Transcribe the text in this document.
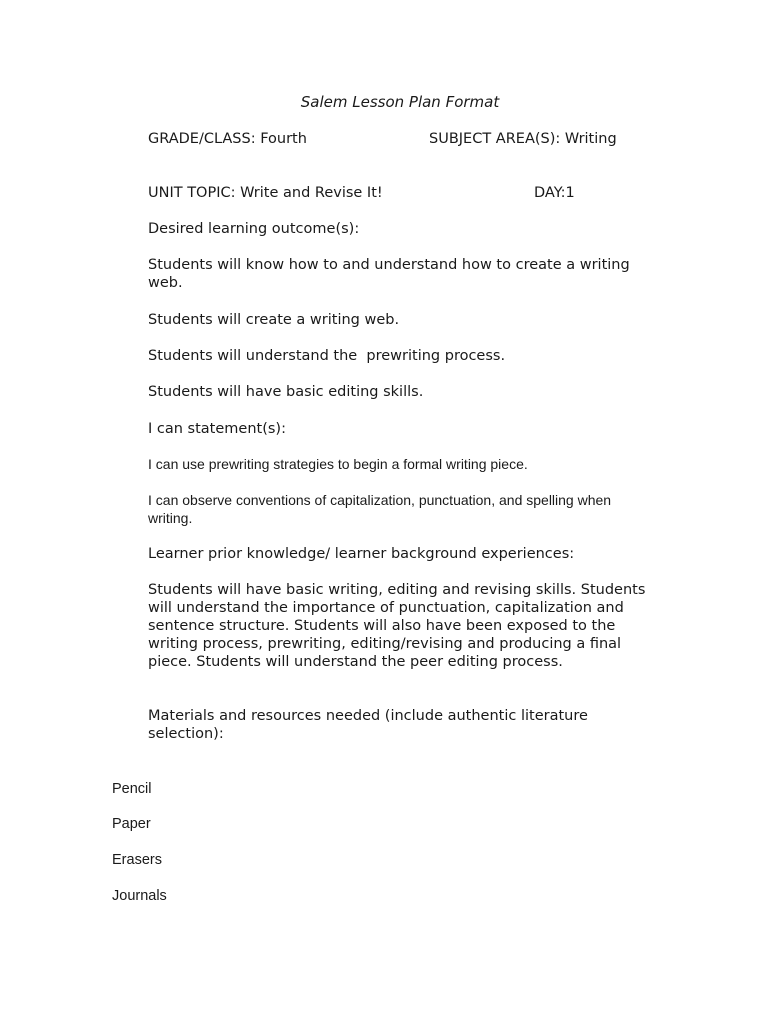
Salem Lesson Plan Format
GRADE/CLASS: Fourth	SUBJECT AREA(S): Writing
UNIT TOPIC: Write and Revise It!	DAY:1
Desired learning outcome(s):
Students will know how to and understand how to create a writing web.
Students will create a writing web.
Students will understand the  prewriting process.
Students will have basic editing skills.
I can statement(s):
I can use prewriting strategies to begin a formal writing piece.
I can observe conventions of capitalization, punctuation, and spelling when writing.
Learner prior knowledge/ learner background experiences:
Students will have basic writing, editing and revising skills. Students will understand the importance of punctuation, capitalization and sentence structure. Students will also have been exposed to the writing process, prewriting, editing/revising and producing a final piece. Students will understand the peer editing process.
Materials and resources needed (include authentic literature selection):
Pencil
Paper
Erasers
Journals
